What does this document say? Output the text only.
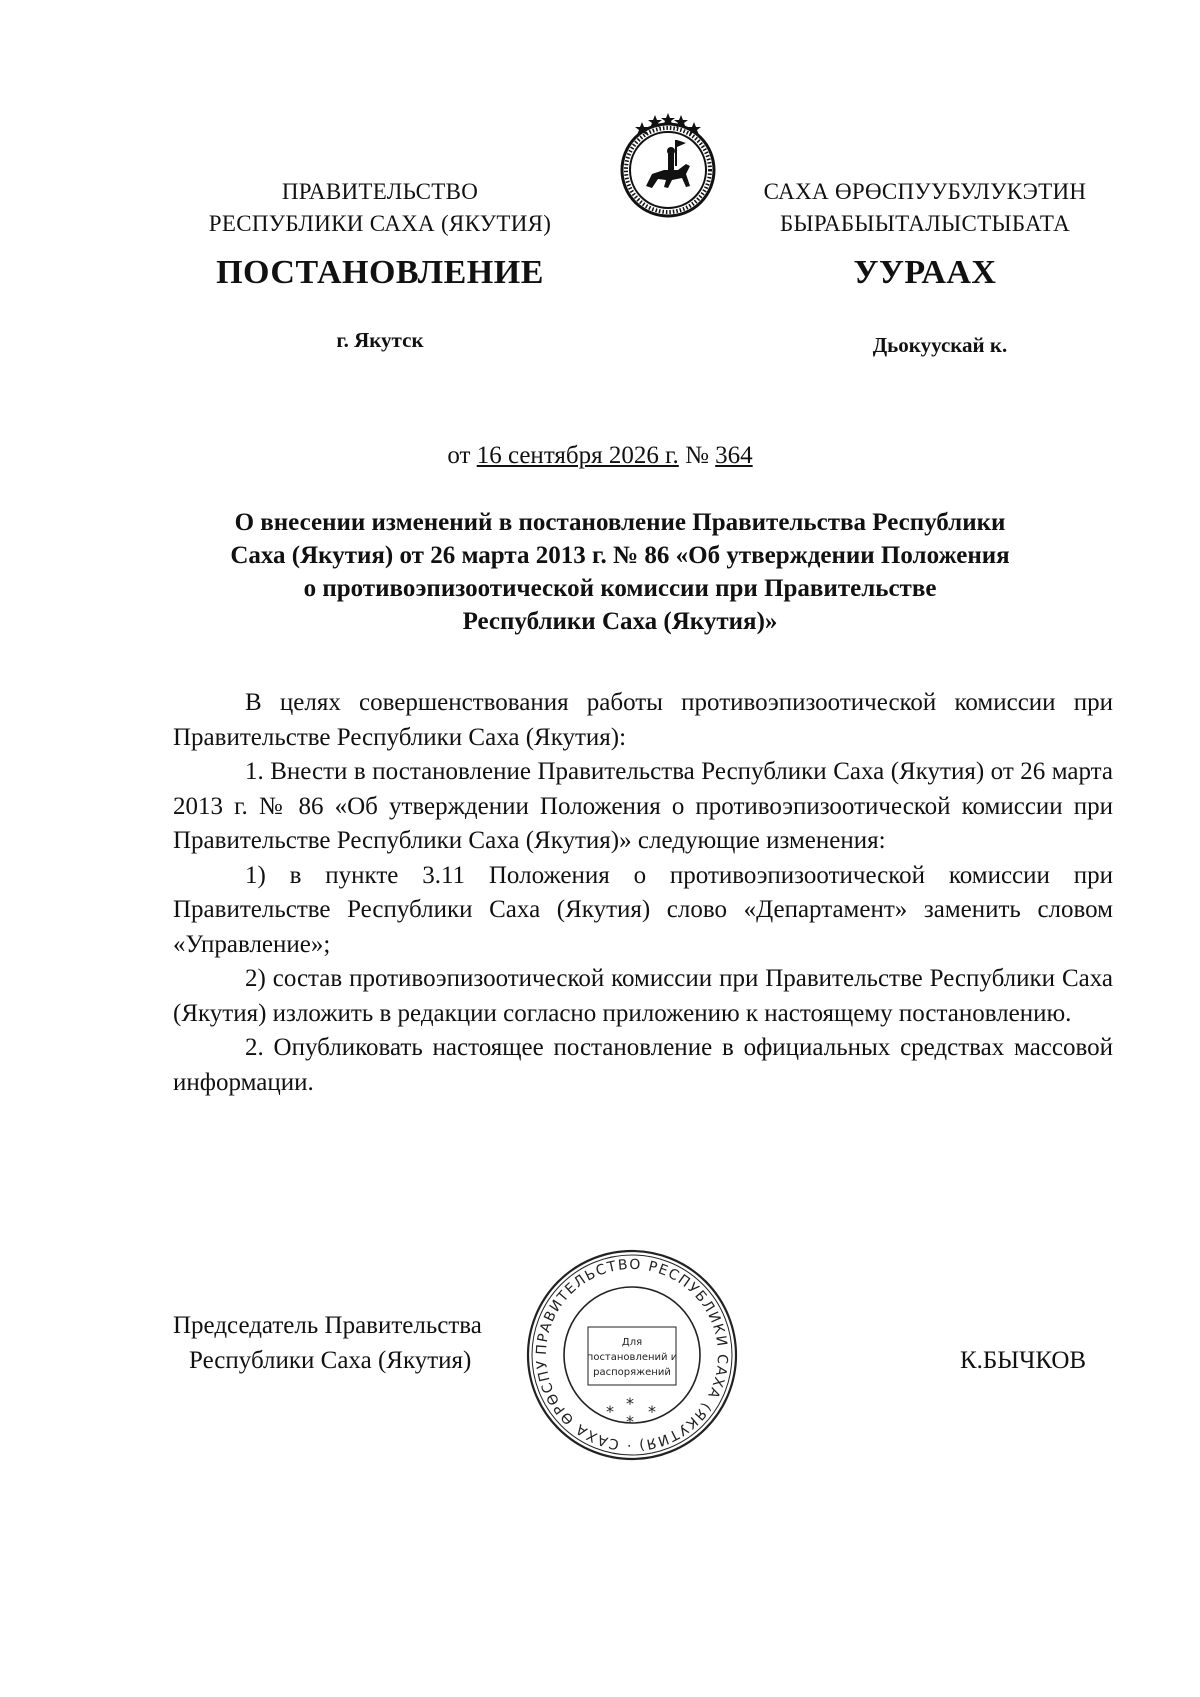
ПРАВИТЕЛЬСТВО
РЕСПУБЛИКИ САХА (ЯКУТИЯ)
САХА ӨРӨСПУУБУЛУКЭТИН
БЫРАБЫЫТАЛЫСТЫБАТА
ПОСТАНОВЛЕНИЕ	УУРААХ
г. Якутск	Дьокуускай к.
от 16 сентября 2026 г. № 364
О внесении изменений в постановление Правительства Республики
Саха (Якутия) от 26 марта 2013 г. № 86 «Об утверждении Положения
о противоэпизоотической комиссии при Правительстве
Республики Саха (Якутия)»

В целях совершенствования работы противоэпизоотической комиссии при Правительстве Республики Саха (Якутия):

1. Внести в постановление Правительства Республики Саха (Якутия) от 26 марта 2013 г. № 86 «Об утверждении Положения о противоэпизоотической комиссии при Правительстве Республики Саха (Якутия)» следующие изменения:

1) в пункте 3.11 Положения о противоэпизоотической комиссии при Правительстве Республики Саха (Якутия) слово «Департамент» заменить словом «Управление»;

2) состав противоэпизоотической комиссии при Правительстве Республики Саха (Якутия) изложить в редакции согласно приложению к настоящему постановлению.

2. Опубликовать настоящее постановление в официальных средствах массовой информации.

ПРАВИТЕЛЬСТВО РЕСПУБЛИКИ САХА (ЯКУТИЯ) · САХА ӨРӨСПУ
Для
постановлений и
распоряжений
*
*
*
*
Председатель Правительства
Республики Саха (Якутия)	К.БЫЧКОВ
